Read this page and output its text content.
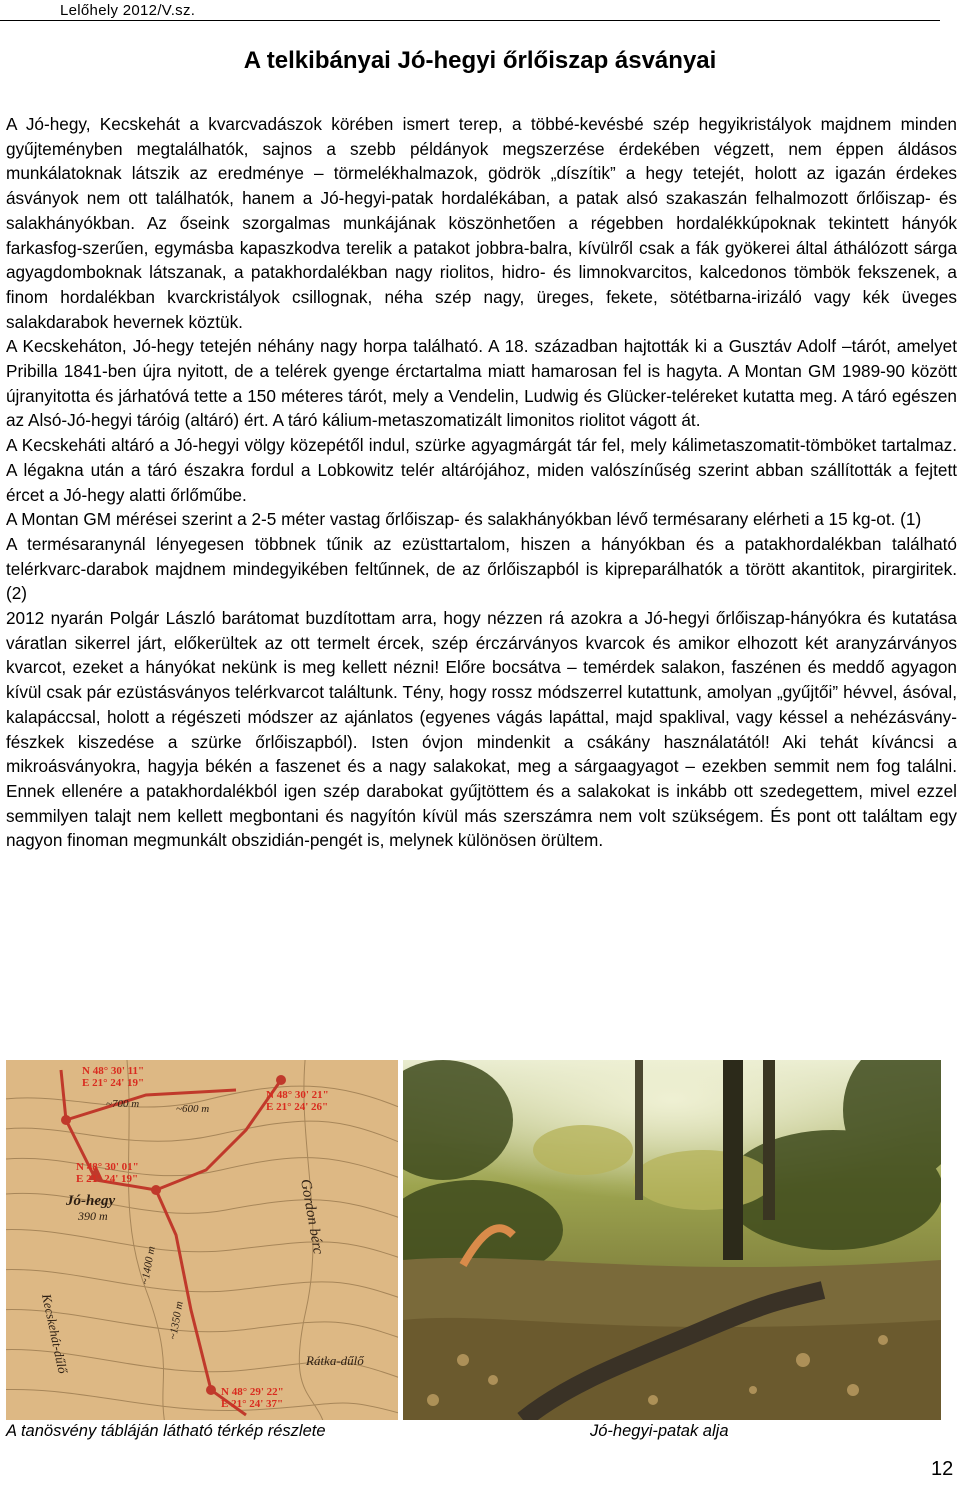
Lelőhely 2012/V.sz.
A telkibányai Jó-hegyi őrlőiszap ásványai

A Jó-hegy, Kecskehát a kvarcvadászok körében ismert terep, a többé-kevésbé szép hegyikristályok majdnem minden gyűjteményben megtalálhatók, sajnos a szebb példányok megszerzése érdekében végzett, nem éppen áldásos munkálatoknak látszik az eredménye – törmelékhalmazok, gödrök „díszítik” a hegy tetejét, holott az igazán érdekes ásványok nem ott találhatók, hanem a Jó-hegyi-patak hordalékában, a patak alsó szakaszán felhalmozott őrlőiszap- és salakhányókban. Az őseink szorgalmas munkájának köszönhetően a régebben hordalékkúpoknak tekintett hányók farkasfog-szerűen, egymásba kapaszkodva terelik a patakot jobbra-balra, kívülről csak a fák gyökerei által áthálózott sárga agyagdomboknak látszanak, a patakhordalékban nagy riolitos, hidro- és limnokvarcitos, kalcedonos tömbök fekszenek, a finom hordalékban kvarckristályok csillognak, néha szép nagy, üreges, fekete, sötétbarna-irizáló vagy kék üveges salakdarabok hevernek köztük.

A Kecskeháton, Jó-hegy tetején néhány nagy horpa található. A 18. században hajtották ki a Gusztáv Adolf –tárót, amelyet Pribilla 1841-ben újra nyitott, de a telérek gyenge érctartalma miatt hamarosan fel is hagyta. A Montan GM 1989-90 között újranyitotta és járhatóvá tette a 150 méteres tárót, mely a Vendelin, Ludwig és Glücker-teléreket kutatta meg. A táró egészen az Alsó-Jó-hegyi táróig (altáró) ért. A táró kálium-metaszomatizált limonitos riolitot vágott át.

A Kecskeháti altáró a Jó-hegyi völgy közepétől indul, szürke agyagmárgát tár fel, mely kálimetaszomatit-tömböket tartalmaz. A légakna után a táró északra fordul a Lobkowitz telér altárójához, miden valószínűség szerint abban szállították a fejtett ércet a Jó-hegy alatti őrlőműbe.

A Montan GM mérései szerint a 2-5 méter vastag őrlőiszap- és salakhányókban lévő termésarany elérheti a 15 kg-ot. (1)

A termésaranynál lényegesen többnek tűnik az ezüsttartalom, hiszen a hányókban és a patakhordalékban található telérkvarc-darabok majdnem mindegyikében feltűnnek, de az őrlőiszapból is kipreparálhatók a törött akantitok, pirargiritek. (2)

2012 nyarán Polgár László barátomat buzdítottam arra, hogy nézzen rá azokra a Jó-hegyi őrlőiszap-hányókra és kutatása váratlan sikerrel járt, előkerültek az ott termelt ércek, szép érczárványos kvarcok és amikor elhozott két aranyzárványos kvarcot, ezeket a hányókat nekünk is meg kellett nézni! Előre bocsátva – temérdek salakon, faszénen és meddő agyagon kívül csak pár ezüstásványos telérkvarcot találtunk. Tény, hogy rossz módszerrel kutattunk, amolyan „gyűjtői” hévvel, ásóval, kalapáccsal, holott a régészeti módszer az ajánlatos (egyenes vágás lapáttal, majd spaklival, vagy késsel a nehézásvány-fészkek kiszedése a szürke őrlőiszapból). Isten óvjon mindenkit a csákány használatától! Aki tehát kíváncsi a mikroásványokra, hagyja békén a faszenet és a nagy salakokat, meg a sárgaagyagot – ezekben semmit nem fog találni. Ennek ellenére a patakhordalékból igen szép darabokat gyűjtöttem és a salakokat is inkább ott szedegettem, mivel ezzel semmilyen talajt nem kellett megbontani és nagyítón kívül más szerszámra nem volt szükségem. És pont ott találtam egy nagyon finoman megmunkált obszidián-pengét is, melynek különösen örültem.

N 48° 30' 11"
E 21° 24' 19"
N 48° 30' 21"
E 21° 24' 26"
N 48° 30' 01"
E 21° 24' 19"
N 48° 29' 22"
E 21° 24' 37"
~700 m	~600 m
~1400 m
~1350 m
Gordon bérc
Kecskehát-dűlő	Rátka-dűlő
Jó-hegy
390 m
A tanösvény tábláján látható térkép részlete	Jó-hegyi-patak alja
12
